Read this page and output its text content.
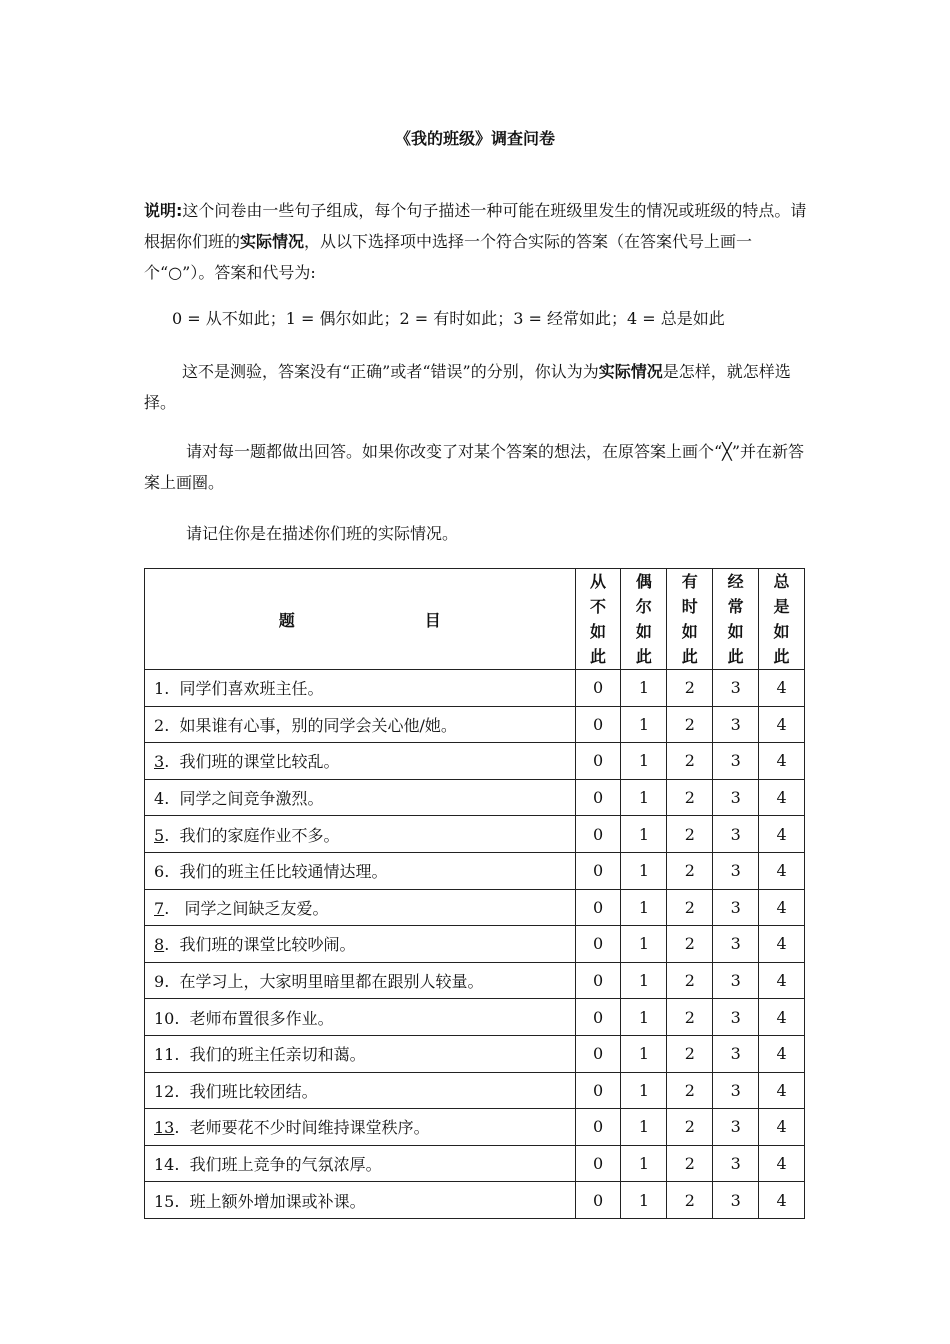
《我的班级》调查问卷
说明:这个问卷由一些句子组成，每个句子描述一种可能在班级里发生的情况或班级的特点。请根据你们班的实际情况，从以下选择项中选择一个符合实际的答案（在答案代号上画一个“○”）。答案和代号为:
0 = 从不如此；1 = 偶尔如此；2 = 有时如此；3 = 经常如此；4 = 总是如此
这不是测验，答案没有“正确”或者“错误”的分别，你认为为实际情况是怎样，就怎样选择。
请对每一题都做出回答。如果你改变了对某个答案的想法，在原答案上画个“╳”并在新答案上画圈。
请记住你是在描述你们班的实际情况。
题 目	从不如此	偶尔如此	有时如此	经常如此	总是如此

1.  同学们喜欢班主任。	0	1	2	3	4
2.  如果谁有心事，别的同学会关心他/她。	0	1	2	3	4
3.  我们班的课堂比较乱。	0	1	2	3	4
4.  同学之间竞争激烈。	0	1	2	3	4
5.  我们的家庭作业不多。	0	1	2	3	4
6.  我们的班主任比较通情达理。	0	1	2	3	4
7.   同学之间缺乏友爱。	0	1	2	3	4
8.  我们班的课堂比较吵闹。	0	1	2	3	4
9.  在学习上，大家明里暗里都在跟别人较量。	0	1	2	3	4
10.  老师布置很多作业。	0	1	2	3	4
11.  我们的班主任亲切和蔼。	0	1	2	3	4
12.  我们班比较团结。	0	1	2	3	4
13.  老师要花不少时间维持课堂秩序。	0	1	2	3	4
14.  我们班上竞争的气氛浓厚。	0	1	2	3	4
15.  班上额外增加课或补课。	0	1	2	3	4
